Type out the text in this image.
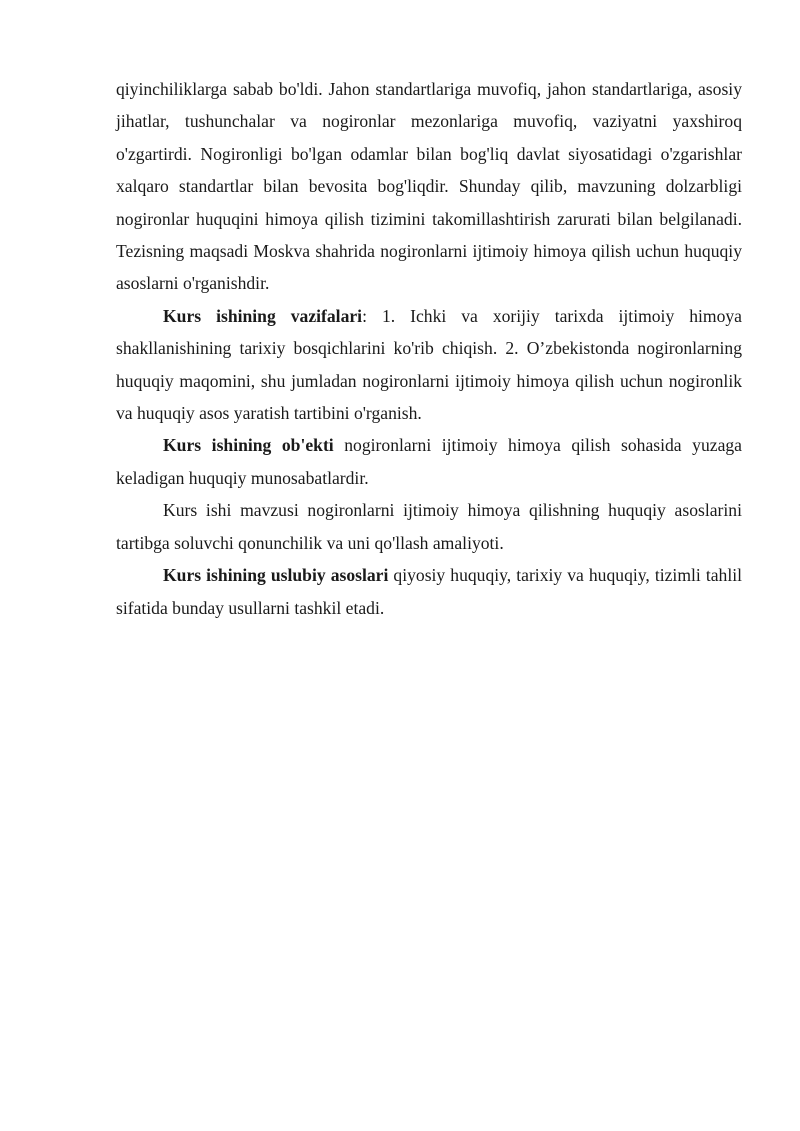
qiyinchiliklarga sabab bo'ldi. Jahon standartlariga muvofiq, jahon standartlariga, asosiy jihatlar, tushunchalar va nogironlar mezonlariga muvofiq, vaziyatni yaxshiroq o'zgartirdi. Nogironligi bo'lgan odamlar bilan bog'liq davlat siyosatidagi o'zgarishlar xalqaro standartlar bilan bevosita bog'liqdir. Shunday qilib, mavzuning dolzarbligi nogironlar huquqini himoya qilish tizimini takomillashtirish zarurati bilan belgilanadi. Tezisning maqsadi Moskva shahrida nogironlarni ijtimoiy himoya qilish uchun huquqiy asoslarni o'rganishdir.

Kurs ishining vazifalari: 1. Ichki va xorijiy tarixda ijtimoiy himoya shakllanishining tarixiy bosqichlarini ko'rib chiqish. 2. O’zbekistonda nogironlarning huquqiy maqomini, shu jumladan nogironlarni ijtimoiy himoya qilish uchun nogironlik va huquqiy asos yaratish tartibini o'rganish.

Kurs ishining ob'ekti nogironlarni ijtimoiy himoya qilish sohasida yuzaga keladigan huquqiy munosabatlardir.

Kurs ishi mavzusi nogironlarni ijtimoiy himoya qilishning huquqiy asoslarini tartibga soluvchi qonunchilik va uni qo'llash amaliyoti.

Kurs ishining uslubiy asoslari qiyosiy huquqiy, tarixiy va huquqiy, tizimli tahlil sifatida bunday usullarni tashkil etadi.
